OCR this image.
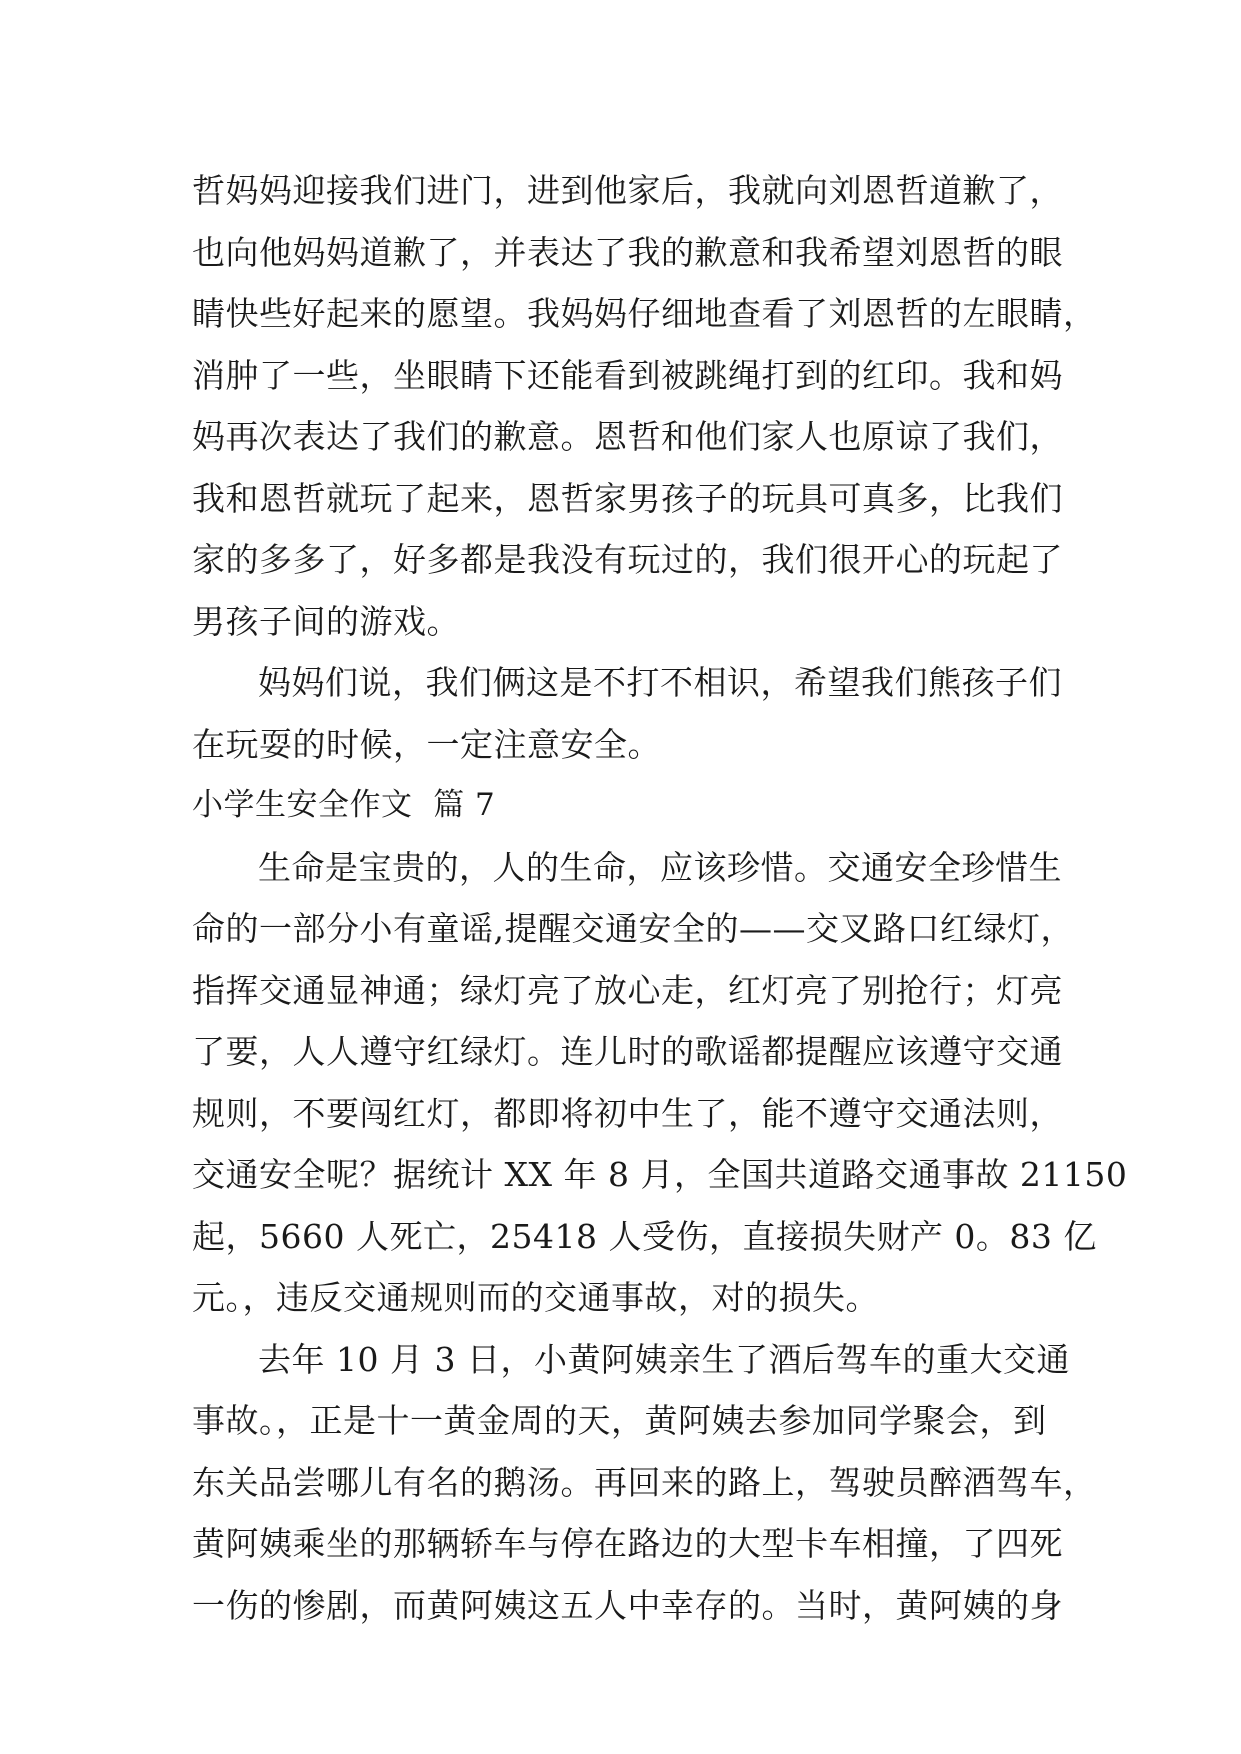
哲妈妈迎接我们进门，进到他家后，我就向刘恩哲道歉了，
也向他妈妈道歉了，并表达了我的歉意和我希望刘恩哲的眼
睛快些好起来的愿望。我妈妈仔细地查看了刘恩哲的左眼睛，
消肿了一些，坐眼睛下还能看到被跳绳打到的红印。我和妈
妈再次表达了我们的歉意。恩哲和他们家人也原谅了我们，
我和恩哲就玩了起来，恩哲家男孩子的玩具可真多，比我们
家的多多了，好多都是我没有玩过的，我们很开心的玩起了
男孩子间的游戏。
妈妈们说，我们俩这是不打不相识，希望我们熊孩子们
在玩耍的时候，一定注意安全。
小学生安全作文  篇 7
生命是宝贵的，人的生命，应该珍惜。交通安全珍惜生
命的一部分小有童谣,提醒交通安全的——交叉路口红绿灯，
指挥交通显神通；绿灯亮了放心走，红灯亮了别抢行；灯亮
了要，人人遵守红绿灯。连儿时的歌谣都提醒应该遵守交通
规则，不要闯红灯，都即将初中生了，能不遵守交通法则，
交通安全呢？据统计 XX 年 8 月，全国共道路交通事故 21150
起，5660 人死亡，25418 人受伤，直接损失财产 0。83 亿
元。，违反交通规则而的交通事故，对的损失。
去年 10 月 3 日，小黄阿姨亲生了酒后驾车的重大交通
事故。，正是十一黄金周的天，黄阿姨去参加同学聚会，到
东关品尝哪儿有名的鹅汤。再回来的路上，驾驶员醉酒驾车，
黄阿姨乘坐的那辆轿车与停在路边的大型卡车相撞，了四死
一伤的惨剧，而黄阿姨这五人中幸存的。当时，黄阿姨的身
